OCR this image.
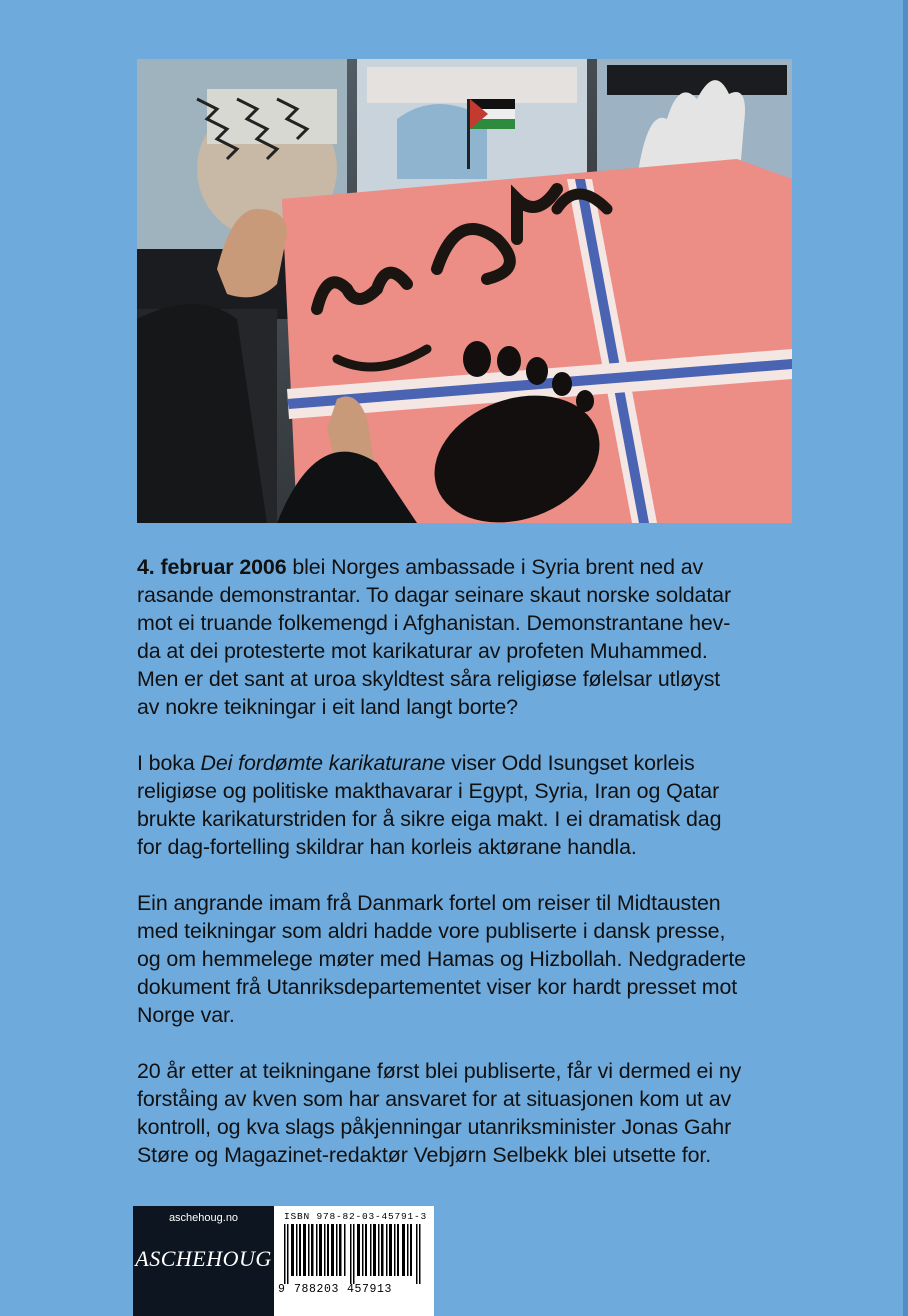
4. februar 2006 blei Norges ambassade i Syria brent ned av
rasande demonstrantar. To dagar seinare skaut norske soldatar
mot ei truande folkemengd i Afghanistan. Demonstrantane hev-
da at dei protesterte mot karikaturar av profeten Muhammed.
Men er det sant at uroa skyldtest såra religiøse følelsar utløyst
av nokre teikningar i eit land langt borte?

I boka Dei fordømte karikaturane viser Odd Isungset korleis
religiøse og politiske makthavarar i Egypt, Syria, Iran og Qatar
brukte karikaturstriden for å sikre eiga makt. I ei dramatisk dag
for dag-fortelling skildrar han korleis aktørane handla.

Ein angrande imam frå Danmark fortel om reiser til Midtausten
med teikningar som aldri hadde vore publiserte i dansk presse,
og om hemmelege møter med Hamas og Hizbollah. Nedgraderte
dokument frå Utanriksdepartementet viser kor hardt presset mot
Norge var.

20 år etter at teikningane først blei publiserte, får vi dermed ei ny
forståing av kven som har ansvaret for at situasjonen kom ut av
kontroll, og kva slags påkjenningar utanriksminister Jonas Gahr
Støre og Magazinet-redaktør Vebjørn Selbekk blei utsette for.

aschehoug.no
ASCHEHOUG
ISBN 978-82-03-45791-3
9 788203 457913
